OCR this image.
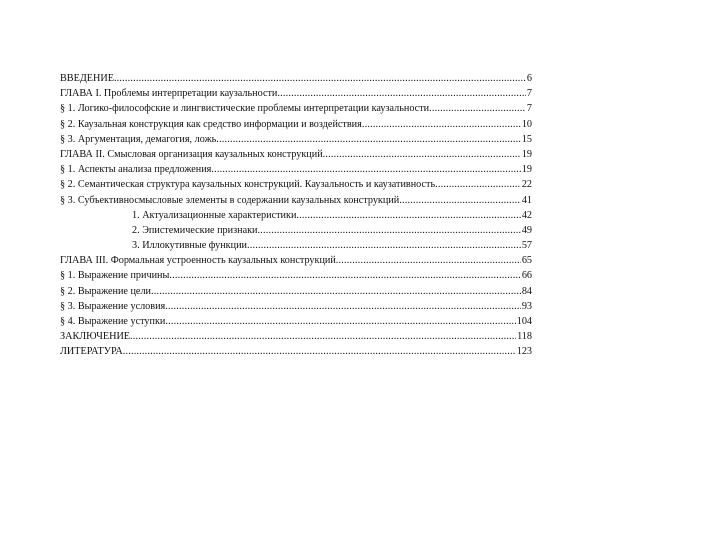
ВВЕДЕНИЕ .....	6
ГЛАВА I. Проблемы интерпретации каузальности .....	7
§ 1. Логико-философские и лингвистические проблемы интерпретации каузальности .....	7
§ 2. Каузальная конструкция как средство информации и воздействия .....	10
§ 3. Аргументация, демагогия, ложь .....	15
ГЛАВА II. Смысловая организация каузальных конструкций .....	19
§ 1. Аспекты анализа предложения .....	19
§ 2. Семантическая структура каузальных конструкций. Каузальность и каузативность .....	22
§ 3. Субъективносмысловые элементы в содержании каузальных конструкций .....	41
1. Актуализационные характеристики .....	42
2. Эпистемические признаки .....	49
3. Иллокутивные функции .....	57
ГЛАВА III. Формальная устроенность каузальных конструкций .....	65
§ 1. Выражение причины .....	66
§ 2. Выражение цели .....	84
§ 3. Выражение условия .....	93
§ 4. Выражение уступки .....	104
ЗАКЛЮЧЕНИЕ .....	118
ЛИТЕРАТУРА .....	123
